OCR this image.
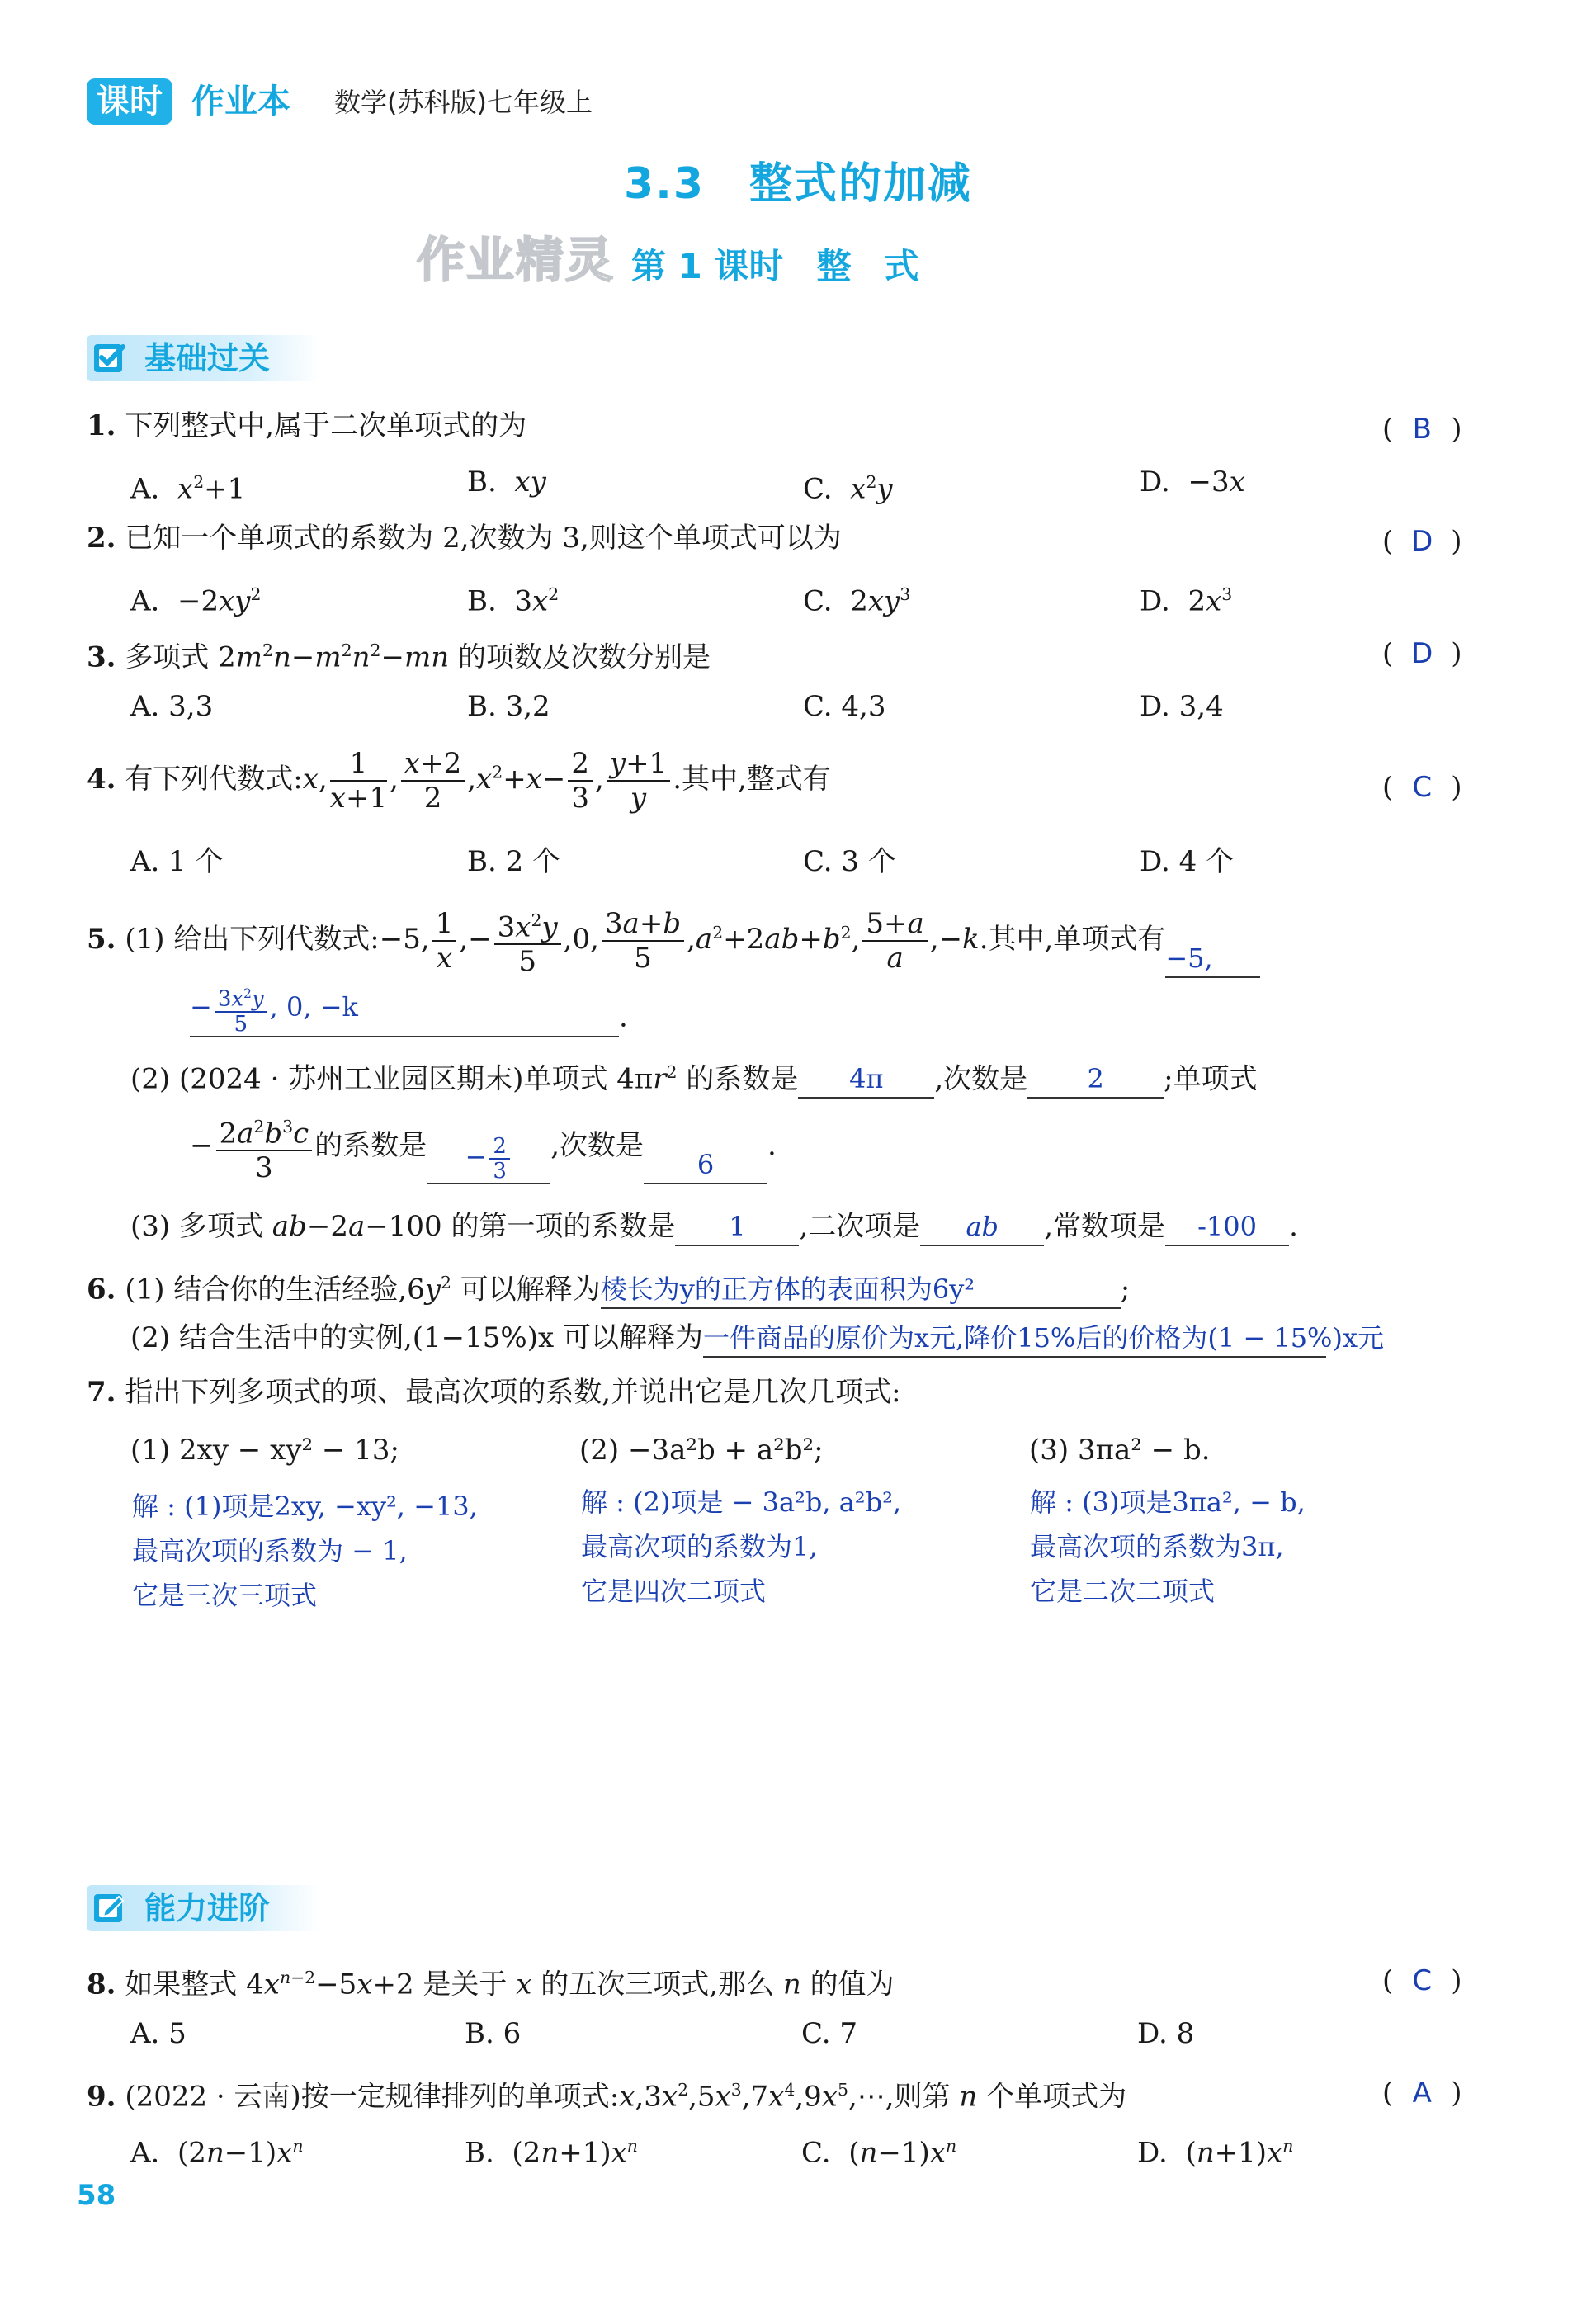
课时 作业本 数学(苏科版)七年级上
3.3　整式的加减
作业精灵 第 1 课时 整 式
基础过关
1. 下列整式中,属于二次单项式的为	( B )
A. $x^2+1$	B. xy	C. $x^2y$	D.  −3x
2. 已知一个单项式的系数为 2,次数为 3,则这个单项式可以为	( D )
A.  $-2xy^2$	B.  $3x^2$	C.  $2xy^3$	D.  $2x^3$
3. 多项式 $2m^2n-m^2n^2-mn$ 的项数及次数分别是	( D )
A. 3,3	B. 3,2	C. 4,3	D. 3,4
4. 有下列代数式:x, $\frac{1}{x+1}$ , $\frac{x+2}{2} ,x^2+x- \frac{2}{3}$ , $\frac{y+1}{y}$ .其中,整式有	( C )
A. 1 个	B. 2 个	C. 3 个	D. 4 个
5. (1) 给出下列代数式:−5, $\frac{1}{x}$ ,− $\frac{3x^2y}{5} ,0$, $\frac{3a+b}{5} ,a^2+2ab+b^2$, $\frac{5+a}{a} ,-k$.其中,单项式有−5,
− $\frac{3x^2y}{5}$ , 0, −k	.
(2) (2024 · 苏州工业园区期末)单项式 $4\pi r^2$ 的系数是 4π ,次数是 2 ;单项式
− $\frac{2a^2b^3c}{3}$ 的系数是 − $\frac{2}{3}$ ,次数是6.
(3) 多项式 ab−2a−100 的第一项的系数是 1 ,二次项是 ab ,常数项是 -100 .
6. (1) 结合你的生活经验$,6y^2$ 可以解释为棱长为y的正方体的表面积为6y²	;
(2) 结合生活中的实例,(1−15%)x 可以解释为一件商品的原价为x元,降价15%后的价格为(1 − 15%)x元
7. 指出下列多项式的项、最高次项的系数,并说出它是几次几项式:
(1) 2xy − xy² − 13;	(2) −3a²b + a²b²;	(3) 3πa² − b.
解 : (1)项是2xy, −xy², −13,
最高次项的系数为 − 1,
它是三次三项式
解 : (2)项是 − 3a²b, a²b²,
最高次项的系数为1,
它是四次二项式
解 : (3)项是3πa², − b,
最高次项的系数为3π,
它是二次二项式
能力进阶
8. 如果整式 $4x^{n-2}-5x+2$ 是关于 x 的五次三项式,那么 n 的值为	( C )
A. 5	B. 6	C. 7	D. 8
9. (2022 · 云南)按一定规律排列的单项式$:x,3x^2,5x^3,7x^4,9x^5,\cdots$,则第 n 个单项式为	( A )
A.  $(2n-1)x^n$	B.  $(2n+1)x^n$	C.  $(n-1)x^n$	D.  $(n+1)x^n$
58
